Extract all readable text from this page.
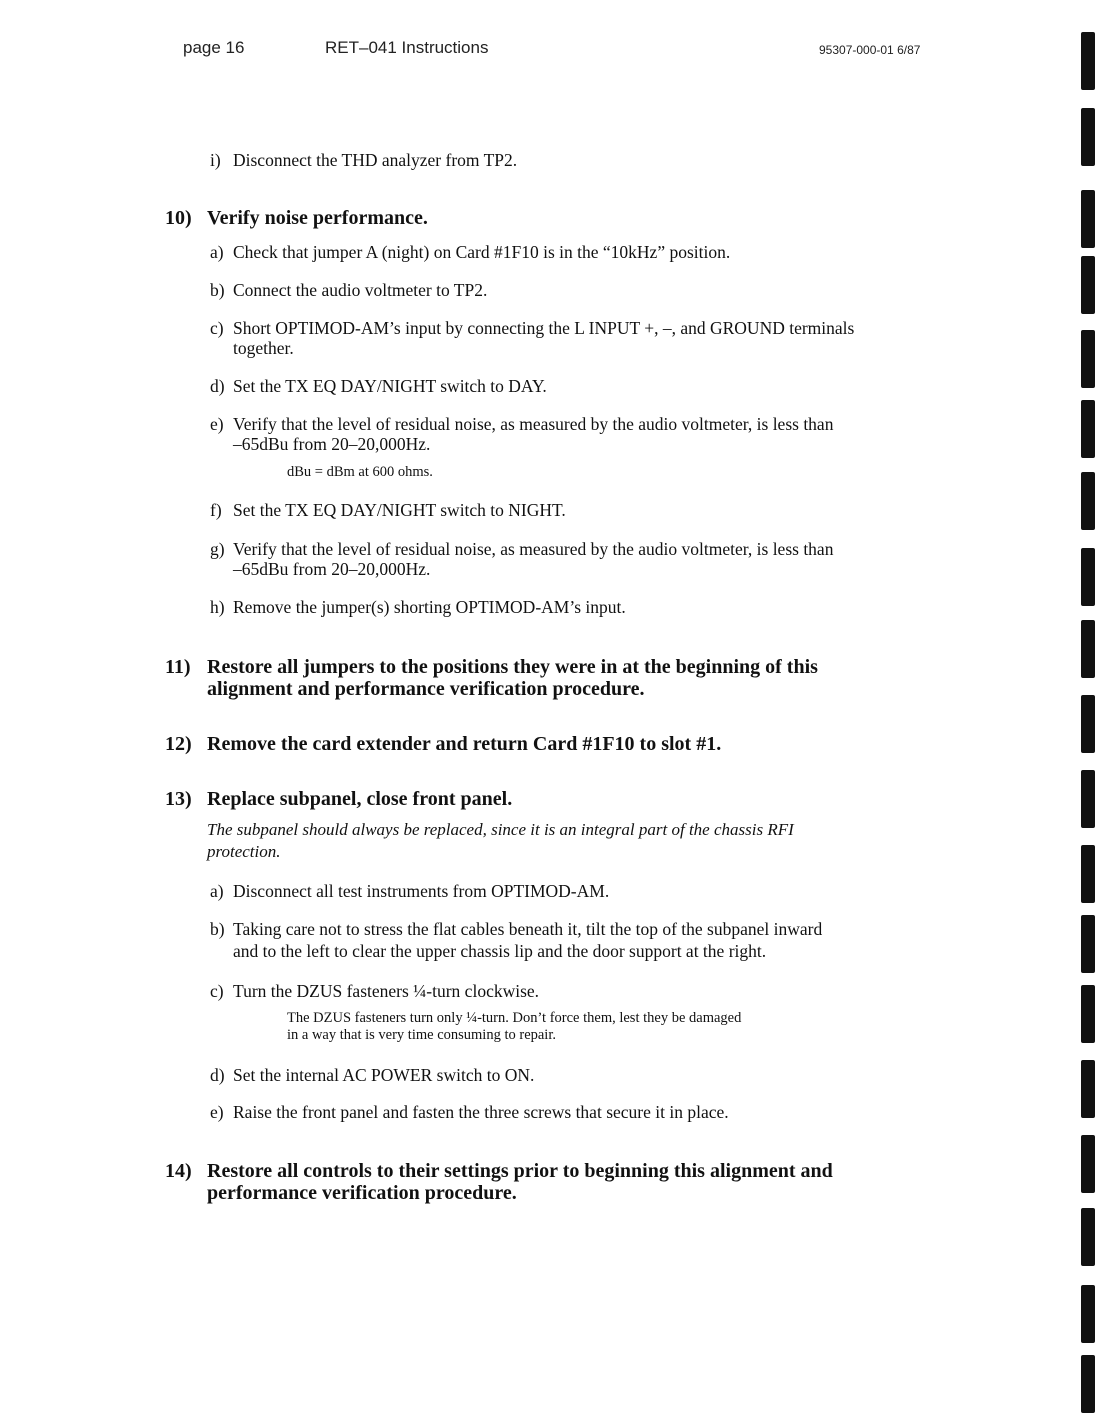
page 16	RET–041 Instructions	95307-000-01 6/87
i) Disconnect the THD analyzer from TP2.
10) Verify noise performance.
a) Check that jumper A (night) on Card #1F10 is in the “10kHz” position.
b) Connect the audio voltmeter to TP2.
c) Short OPTIMOD-AM’s input by connecting the L INPUT +, –, and GROUND terminals
together.
d) Set the TX EQ DAY/NIGHT switch to DAY.
e) Verify that the level of residual noise, as measured by the audio voltmeter, is less than
–65dBu from 20–20,000Hz.
dBu = dBm at 600 ohms.
f) Set the TX EQ DAY/NIGHT switch to NIGHT.
g) Verify that the level of residual noise, as measured by the audio voltmeter, is less than
–65dBu from 20–20,000Hz.
h) Remove the jumper(s) shorting OPTIMOD-AM’s input.
11) Restore all jumpers to the positions they were in at the beginning of this
alignment and performance verification procedure.
12) Remove the card extender and return Card #1F10 to slot #1.
13) Replace subpanel, close front panel.
The subpanel should always be replaced, since it is an integral part of the chassis RFI
protection.
a) Disconnect all test instruments from OPTIMOD-AM.
b) Taking care not to stress the flat cables beneath it, tilt the top of the subpanel inward
and to the left to clear the upper chassis lip and the door support at the right.
c) Turn the DZUS fasteners ¼-turn clockwise.
The DZUS fasteners turn only ¼-turn. Don’t force them, lest they be damaged
in a way that is very time consuming to repair.
d) Set the internal AC POWER switch to ON.
e) Raise the front panel and fasten the three screws that secure it in place.
14) Restore all controls to their settings prior to beginning this alignment and
performance verification procedure.
